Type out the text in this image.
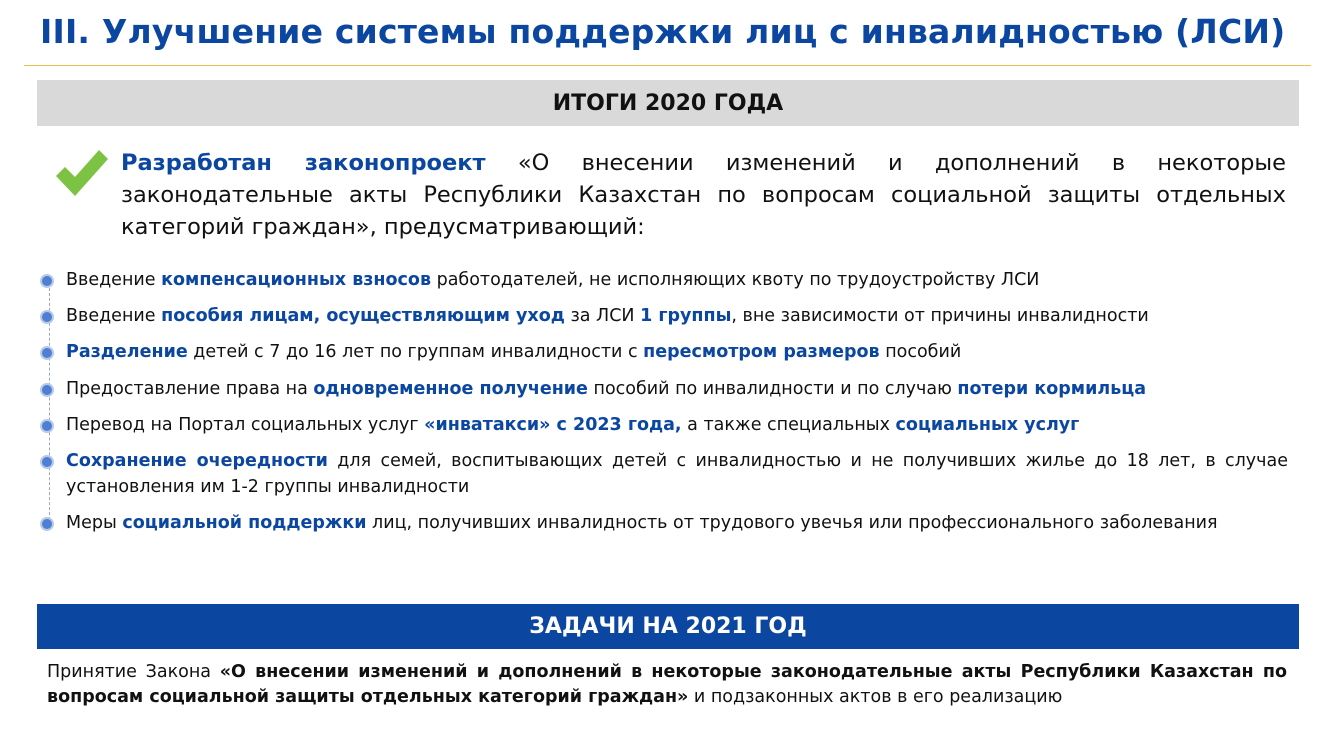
III. Улучшение системы поддержки лиц с инвалидностью (ЛСИ)
ИТОГИ 2020 ГОДА
Разработан законопроект «О внесении изменений и дополнений в некоторые законодательные акты Республики Казахстан по вопросам социальной защиты отдельных категорий граждан», предусматривающий:
Введение компенсационных взносов работодателей, не исполняющих квоту по трудоустройству ЛСИ
Введение пособия лицам, осуществляющим уход за ЛСИ 1 группы, вне зависимости от причины инвалидности
Разделение детей с 7 до 16 лет по группам инвалидности с пересмотром размеров пособий
Предоставление права на одновременное получение пособий по инвалидности и по случаю потери кормильца
Перевод на Портал социальных услуг «инватакси» с 2023 года, а также специальных социальных услуг
Сохранение очередности для семей, воспитывающих детей с инвалидностью и не получивших жилье до 18 лет, в случае установления им 1-2 группы инвалидности
Меры социальной поддержки лиц, получивших инвалидность от трудового увечья или профессионального заболевания
ЗАДАЧИ НА 2021 ГОД
Принятие Закона «О внесении изменений и дополнений в некоторые законодательные акты Республики Казахстан по вопросам социальной защиты отдельных категорий граждан» и подзаконных актов в его реализацию
